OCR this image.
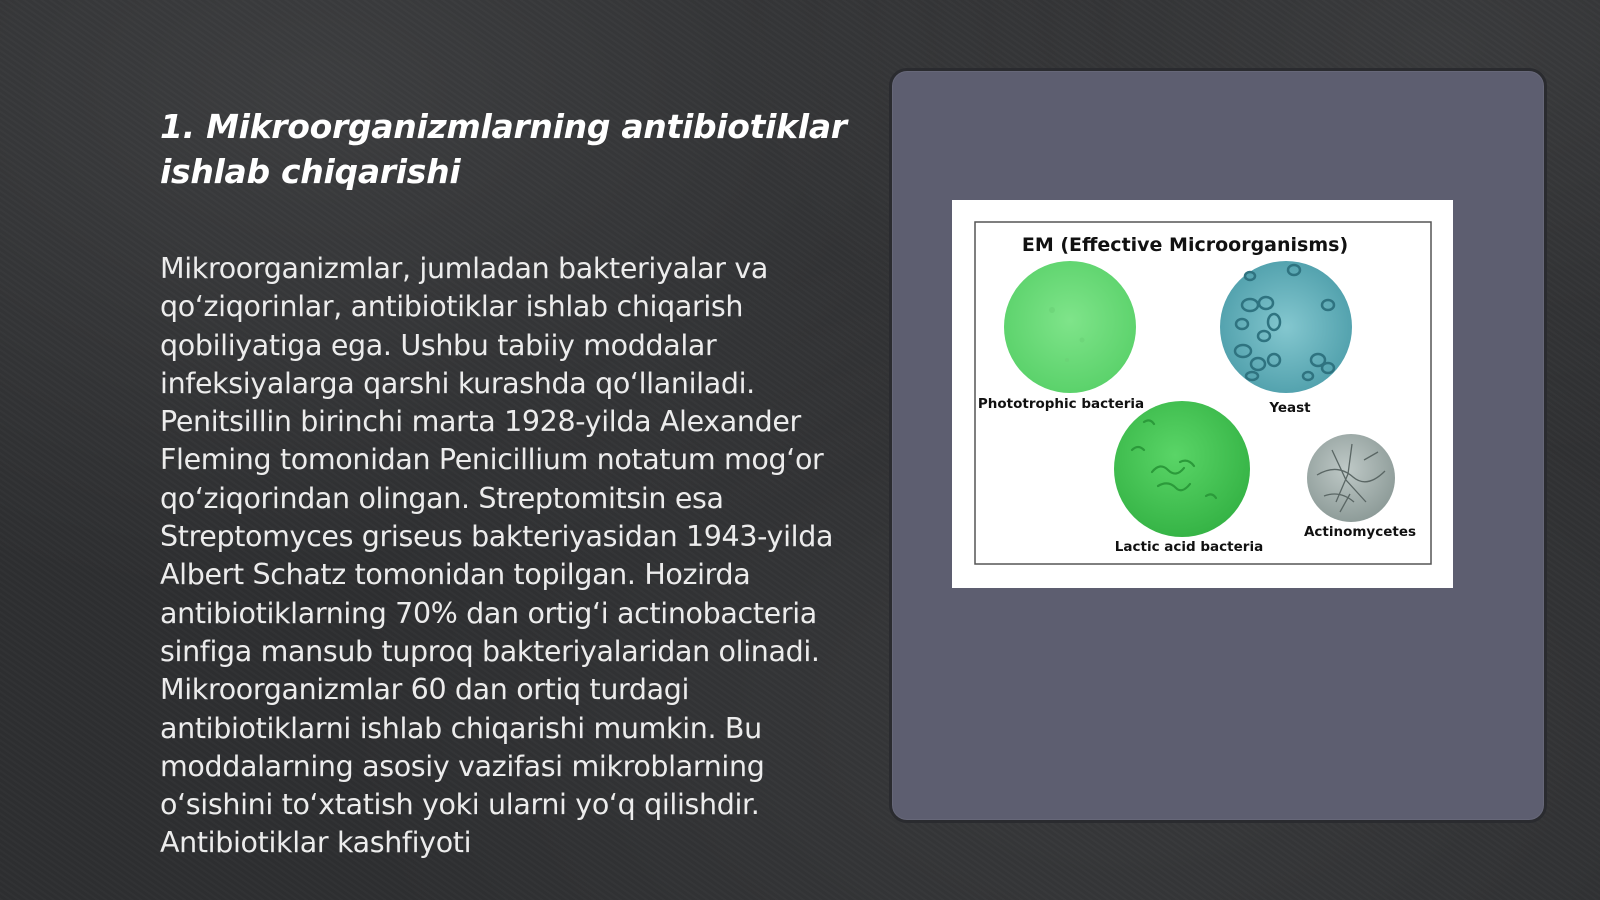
1. Mikroorganizmlarning antibiotiklar ishlab chiqarishi

Mikroorganizmlar, jumladan bakteriyalar va qo‘ziqorinlar, antibiotiklar ishlab chiqarish qobiliyatiga ega. Ushbu tabiiy moddalar infeksiyalarga qarshi kurashda qo‘llaniladi. Penitsillin birinchi marta 1928-yilda Alexander Fleming tomonidan Penicillium notatum mog‘or qo‘ziqorindan olingan. Streptomitsin esa Streptomyces griseus bakteriyasidan 1943-yilda Albert Schatz tomonidan topilgan. Hozirda antibiotiklarning 70% dan ortig‘i actinobacteria sinfiga mansub tuproq bakteriyalaridan olinadi. Mikroorganizmlar 60 dan ortiq turdagi antibiotiklarni ishlab chiqarishi mumkin. Bu moddalarning asosiy vazifasi mikroblarning o‘sishini to‘xtatish yoki ularni yo‘q qilishdir. Antibiotiklar kashfiyoti

EM (Effective Microorganisms)
Phototrophic bacteria	Yeast
Lactic acid bacteria
Actinomycetes
